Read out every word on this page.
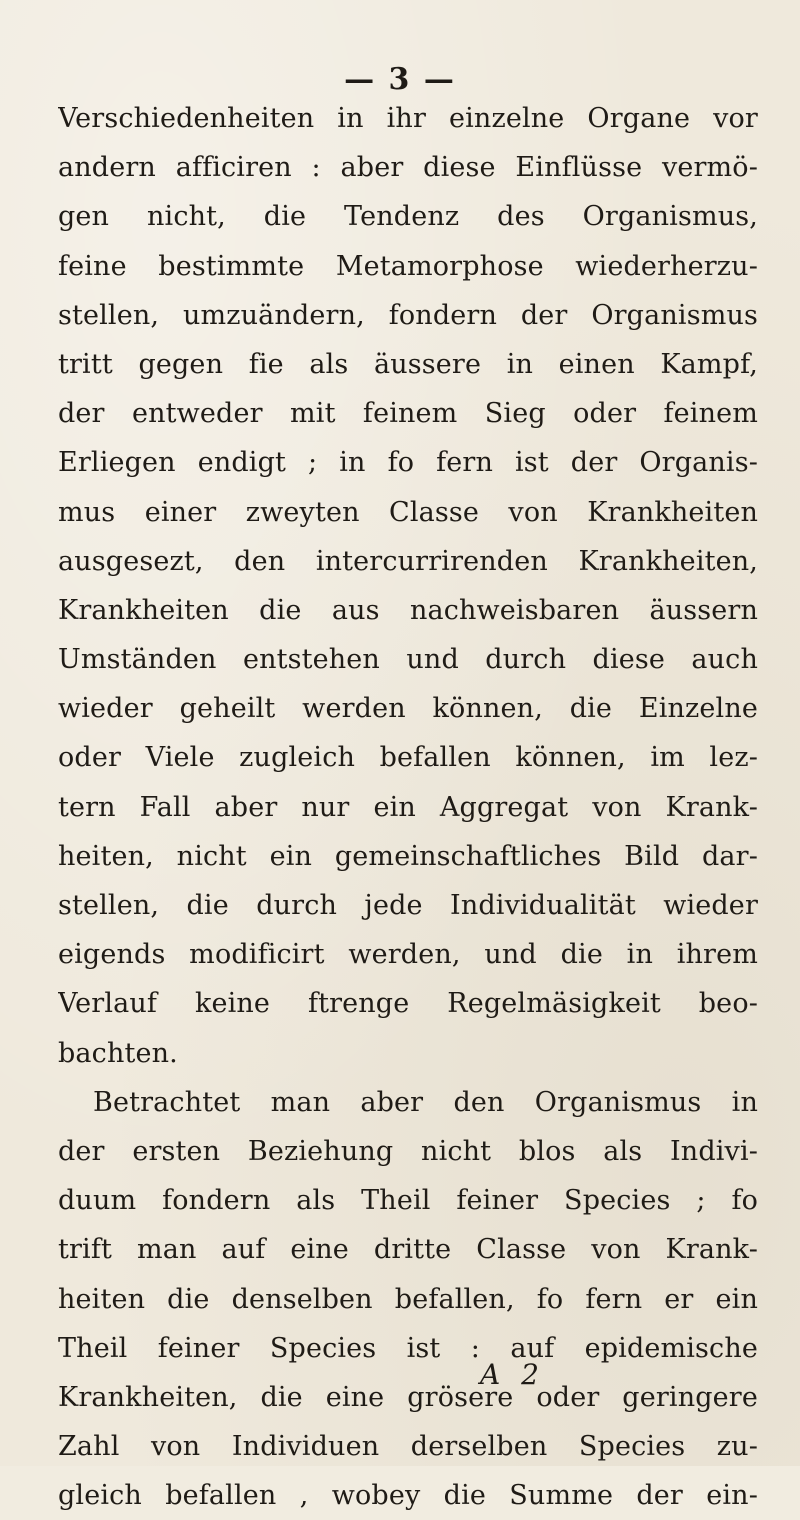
— 3 —
Verschiedenheiten in ihr einzelne Organe vor
andern afficiren : aber diese Einflüsse vermö-
gen nicht, die Tendenz des Organismus,
feine bestimmte Metamorphose wiederherzu-
stellen, umzuändern, fondern der Organismus
tritt gegen fie als äussere in einen Kampf,
der entweder mit feinem Sieg oder feinem
Erliegen endigt ; in fo fern ist der Organis-
mus einer zweyten Classe von Krankheiten
ausgesezt, den intercurrirenden Krankheiten,
Krankheiten die aus nachweisbaren äussern
Umständen entstehen und durch diese auch
wieder geheilt werden können, die Einzelne
oder Viele zugleich befallen können, im lez-
tern Fall aber nur ein Aggregat von Krank-
heiten, nicht ein gemeinschaftliches Bild dar-
stellen, die durch jede Individualität wieder
eigends modificirt werden, und die in ihrem
Verlauf keine ftrenge Regelmäsigkeit beo-
bachten.
Betrachtet man aber den Organismus in
der ersten Beziehung nicht blos als Indivi-
duum fondern als Theil feiner Species ; fo
trift man auf eine dritte Classe von Krank-
heiten die denselben befallen, fo fern er ein
Theil feiner Species ist : auf epidemische
Krankheiten, die eine grösere oder geringere
Zahl von Individuen derselben Species zu-
gleich befallen , wobey die Summe der ein-
A 2
